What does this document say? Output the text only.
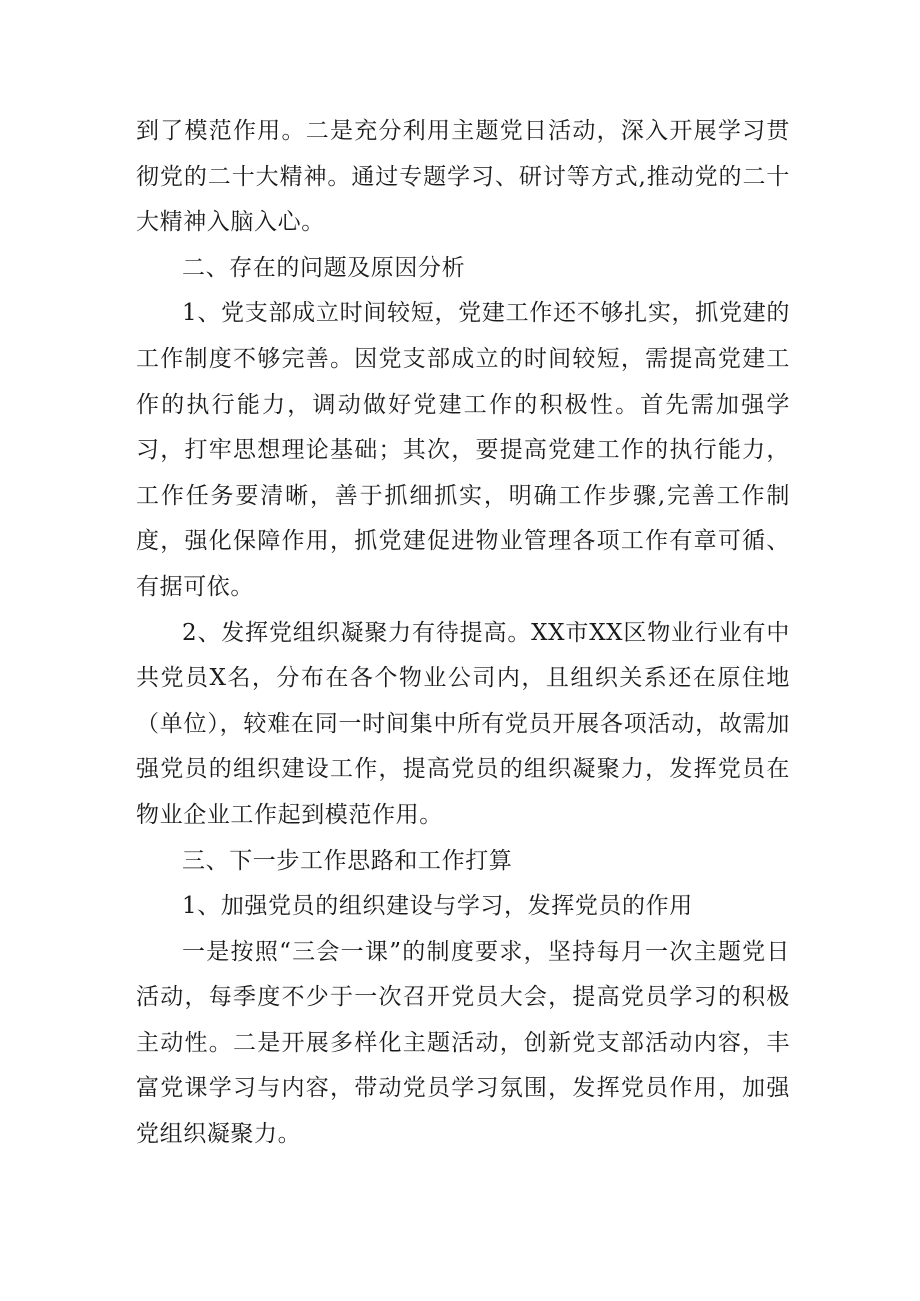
到了模范作用。二是充分利用主题党日活动，深入开展学习贯彻党的二十大精神。通过专题学习、研讨等方式,推动党的二十大精神入脑入心。

二、存在的问题及原因分析

1、党支部成立时间较短，党建工作还不够扎实，抓党建的工作制度不够完善。因党支部成立的时间较短，需提高党建工作的执行能力，调动做好党建工作的积极性。首先需加强学习，打牢思想理论基础；其次，要提高党建工作的执行能力，工作任务要清晰，善于抓细抓实，明确工作步骤,完善工作制度，强化保障作用，抓党建促进物业管理各项工作有章可循、有据可依。

2、发挥党组织凝聚力有待提高。XX市XX区物业行业有中共党员X名，分布在各个物业公司内，且组织关系还在原住地（单位），较难在同一时间集中所有党员开展各项活动，故需加强党员的组织建设工作，提高党员的组织凝聚力，发挥党员在物业企业工作起到模范作用。

三、下一步工作思路和工作打算

1、加强党员的组织建设与学习，发挥党员的作用

一是按照“三会一课”的制度要求，坚持每月一次主题党日活动，每季度不少于一次召开党员大会，提高党员学习的积极主动性。二是开展多样化主题活动，创新党支部活动内容，丰富党课学习与内容，带动党员学习氛围，发挥党员作用，加强党组织凝聚力。
